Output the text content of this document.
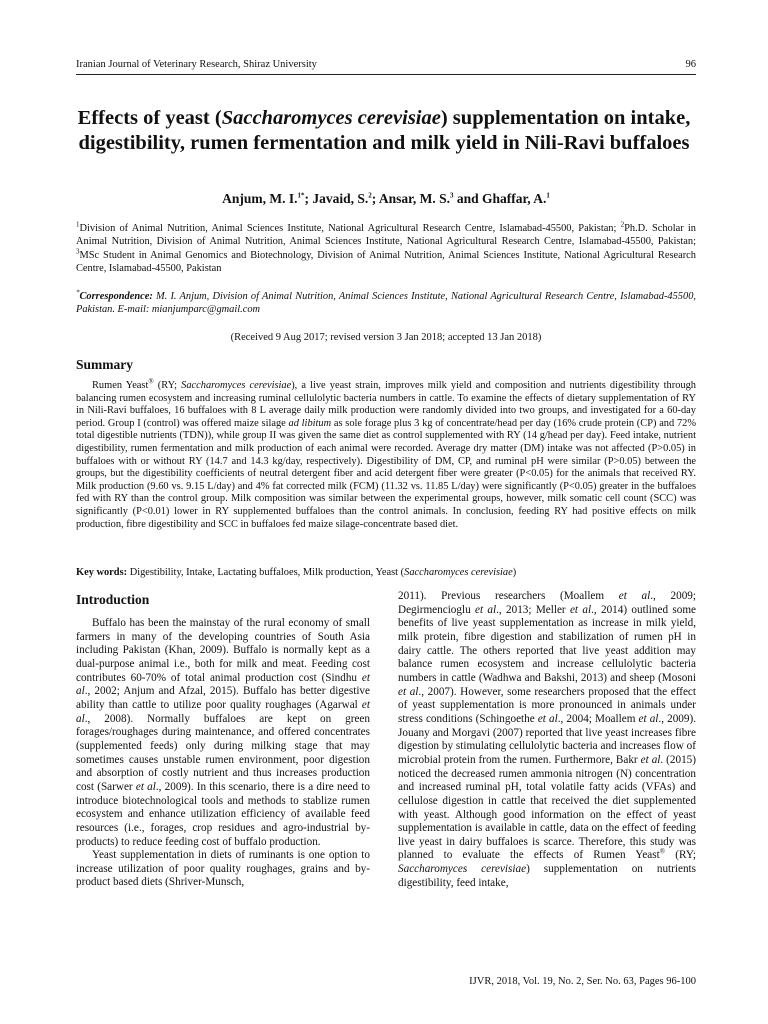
Iranian Journal of Veterinary Research, Shiraz University	96
Effects of yeast (Saccharomyces cerevisiae) supplementation on intake, digestibility, rumen fermentation and milk yield in Nili-Ravi buffaloes
Anjum, M. I.$^{1*}$; Javaid, S.$^2$; Ansar, M. S.$^3$ and Ghaffar, A.$^1$
$^1$Division of Animal Nutrition, Animal Sciences Institute, National Agricultural Research Centre, Islamabad-45500, Pakistan; $^2$Ph.D. Scholar in Animal Nutrition, Division of Animal Nutrition, Animal Sciences Institute, National Agricultural Research Centre, Islamabad-45500, Pakistan; $^3$MSc Student in Animal Genomics and Biotechnology, Division of Animal Nutrition, Animal Sciences Institute, National Agricultural Research Centre, Islamabad-45500, Pakistan
*Correspondence: M. I. Anjum, Division of Animal Nutrition, Animal Sciences Institute, National Agricultural Research Centre, Islamabad-45500, Pakistan. E-mail: mianjumparc@gmail.com
(Received 9 Aug 2017; revised version 3 Jan 2018; accepted 13 Jan 2018)
Summary
Rumen Yeast® (RY; Saccharomyces cerevisiae), a live yeast strain, improves milk yield and composition and nutrients digestibility through balancing rumen ecosystem and increasing ruminal cellulolytic bacteria numbers in cattle. To examine the effects of dietary supplementation of RY in Nili-Ravi buffaloes, 16 buffaloes with 8 L average daily milk production were randomly divided into two groups, and investigated for a 60-day period. Group I (control) was offered maize silage ad libitum as sole forage plus 3 kg of concentrate/head per day (16% crude protein (CP) and 72% total digestible nutrients (TDN)), while group II was given the same diet as control supplemented with RY (14 g/head per day). Feed intake, nutrient digestibility, rumen fermentation and milk production of each animal were recorded. Average dry matter (DM) intake was not affected (P>0.05) in buffaloes with or without RY (14.7 and 14.3 kg/day, respectively). Digestibility of DM, CP, and ruminal pH were similar (P>0.05) between the groups, but the digestibility coefficients of neutral detergent fiber and acid detergent fiber were greater (P<0.05) for the animals that received RY. Milk production (9.60 vs. 9.15 L/day) and 4% fat corrected milk (FCM) (11.32 vs. 11.85 L/day) were significantly (P<0.05) greater in the buffaloes fed with RY than the control group. Milk composition was similar between the experimental groups, however, milk somatic cell count (SCC) was significantly (P<0.01) lower in RY supplemented buffaloes than the control animals. In conclusion, feeding RY had positive effects on milk production, fibre digestibility and SCC in buffaloes fed maize silage-concentrate based diet.
Key words: Digestibility, Intake, Lactating buffaloes, Milk production, Yeast (Saccharomyces cerevisiae)
Introduction

Buffalo has been the mainstay of the rural economy of small farmers in many of the developing countries of South Asia including Pakistan (Khan, 2009). Buffalo is normally kept as a dual-purpose animal i.e., both for milk and meat. Feeding cost contributes 60-70% of total animal production cost (Sindhu et al., 2002; Anjum and Afzal, 2015). Buffalo has better digestive ability than cattle to utilize poor quality roughages (Agarwal et al., 2008). Normally buffaloes are kept on green forages/roughages during maintenance, and offered concentrates (supplemented feeds) only during milking stage that may sometimes causes unstable rumen environment, poor digestion and absorption of costly nutrient and thus increases production cost (Sarwer et al., 2009). In this scenario, there is a dire need to introduce biotechnological tools and methods to stablize rumen ecosystem and enhance utilization efficiency of available feed resources (i.e., forages, crop residues and agro-industrial by-products) to reduce feeding cost of buffalo production.

Yeast supplementation in diets of ruminants is one option to increase utilization of poor quality roughages, grains and by-product based diets (Shriver-Munsch,

2011). Previous researchers (Moallem et al., 2009; Degirmencioglu et al., 2013; Meller et al., 2014) outlined some benefits of live yeast supplementation as increase in milk yield, milk protein, fibre digestion and stabilization of rumen pH in dairy cattle. The others reported that live yeast addition may balance rumen ecosystem and increase cellulolytic bacteria numbers in cattle (Wadhwa and Bakshi, 2013) and sheep (Mosoni et al., 2007). However, some researchers proposed that the effect of yeast supplementation is more pronounced in animals under stress conditions (Schingoethe et al., 2004; Moallem et al., 2009). Jouany and Morgavi (2007) reported that live yeast increases fibre digestion by stimulating cellulolytic bacteria and increases flow of microbial protein from the rumen. Furthermore, Bakr et al. (2015) noticed the decreased rumen ammonia nitrogen (N) concentration and increased ruminal pH, total volatile fatty acids (VFAs) and cellulose digestion in cattle that received the diet supplemented with yeast. Although good information on the effect of yeast supplementation is available in cattle, data on the effect of feeding live yeast in dairy buffaloes is scarce. Therefore, this study was planned to evaluate the effects of Rumen Yeast® (RY; Saccharomyces cerevisiae) supplementation on nutrients digestibility, feed intake,

IJVR, 2018, Vol. 19, No. 2, Ser. No. 63, Pages 96-100
